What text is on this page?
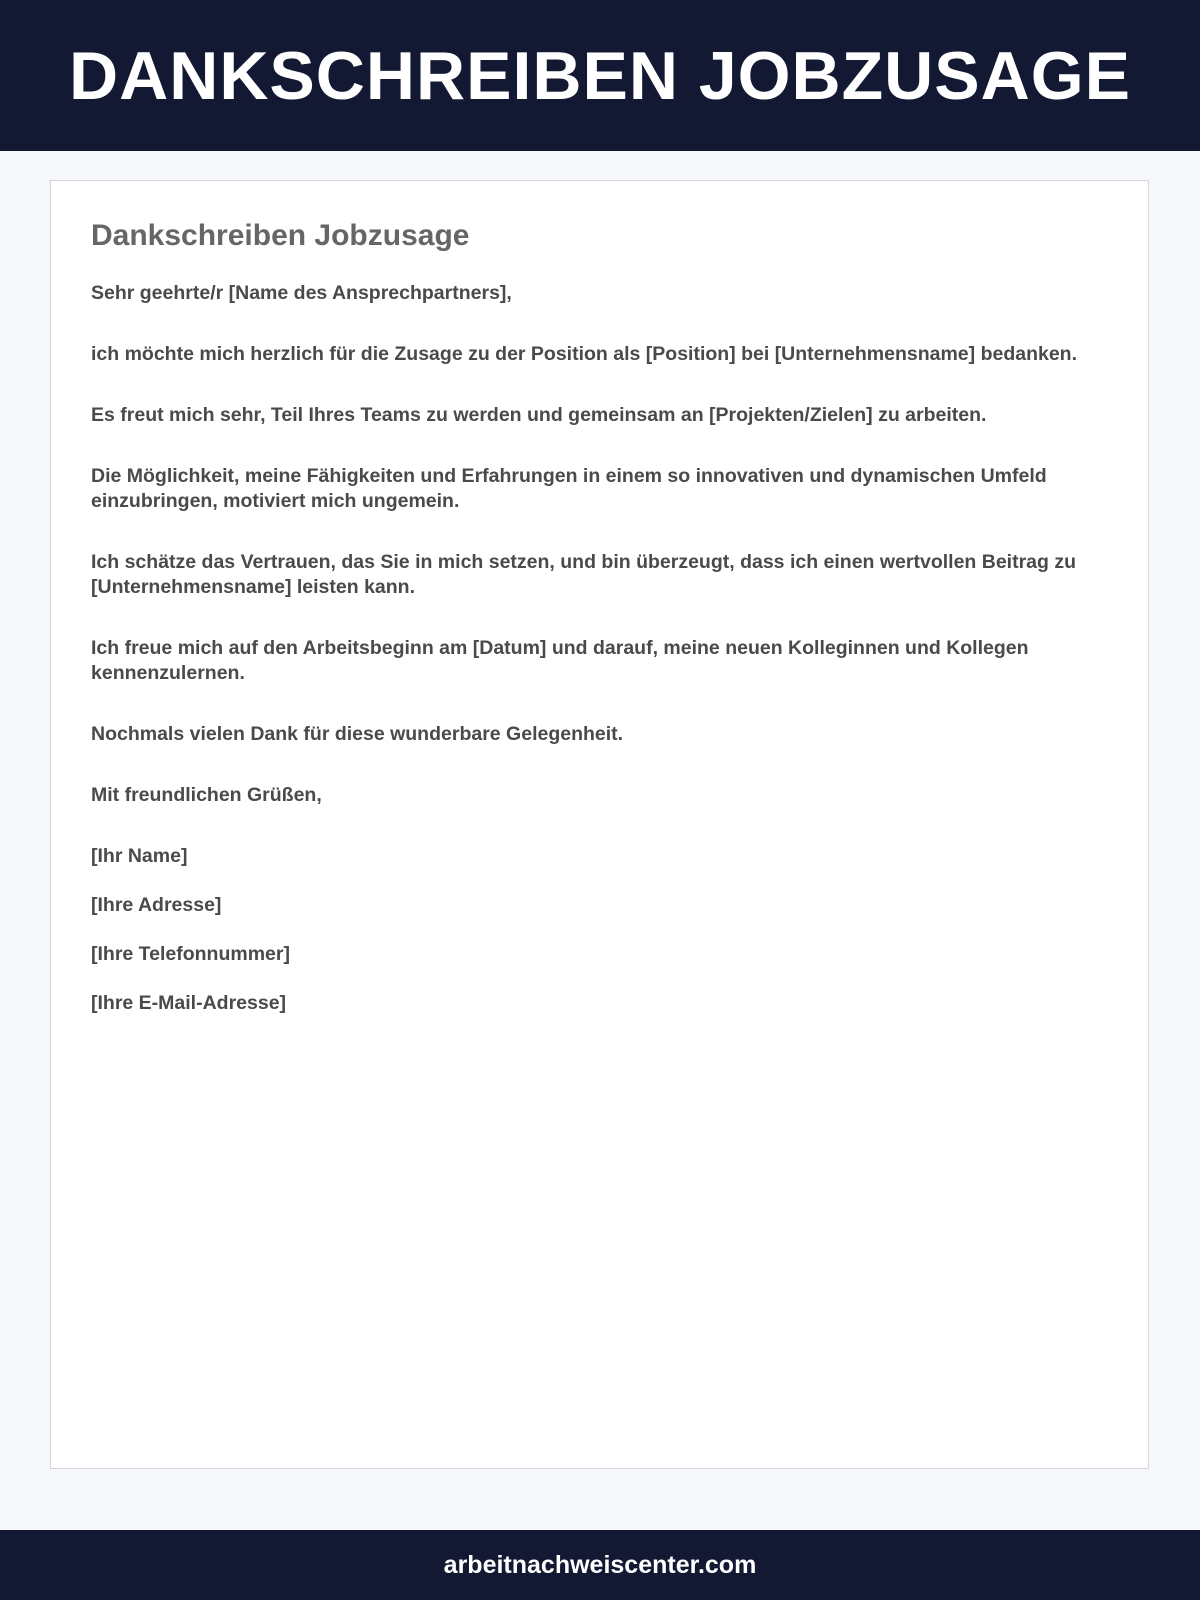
DANKSCHREIBEN JOBZUSAGE
Dankschreiben Jobzusage

Sehr geehrte/r [Name des Ansprechpartners],

ich möchte mich herzlich für die Zusage zu der Position als [Position] bei [Unternehmensname] bedanken.

Es freut mich sehr, Teil Ihres Teams zu werden und gemeinsam an [Projekten/Zielen] zu arbeiten.

Die Möglichkeit, meine Fähigkeiten und Erfahrungen in einem so innovativen und dynamischen Umfeld einzubringen, motiviert mich ungemein.

Ich schätze das Vertrauen, das Sie in mich setzen, und bin überzeugt, dass ich einen wertvollen Beitrag zu [Unternehmensname] leisten kann.

Ich freue mich auf den Arbeitsbeginn am [Datum] und darauf, meine neuen Kolleginnen und Kollegen kennenzulernen.

Nochmals vielen Dank für diese wunderbare Gelegenheit.

Mit freundlichen Grüßen,

[Ihr Name]

[Ihre Adresse]

[Ihre Telefonnummer]

[Ihre E-Mail-Adresse]

arbeitnachweiscenter.com
